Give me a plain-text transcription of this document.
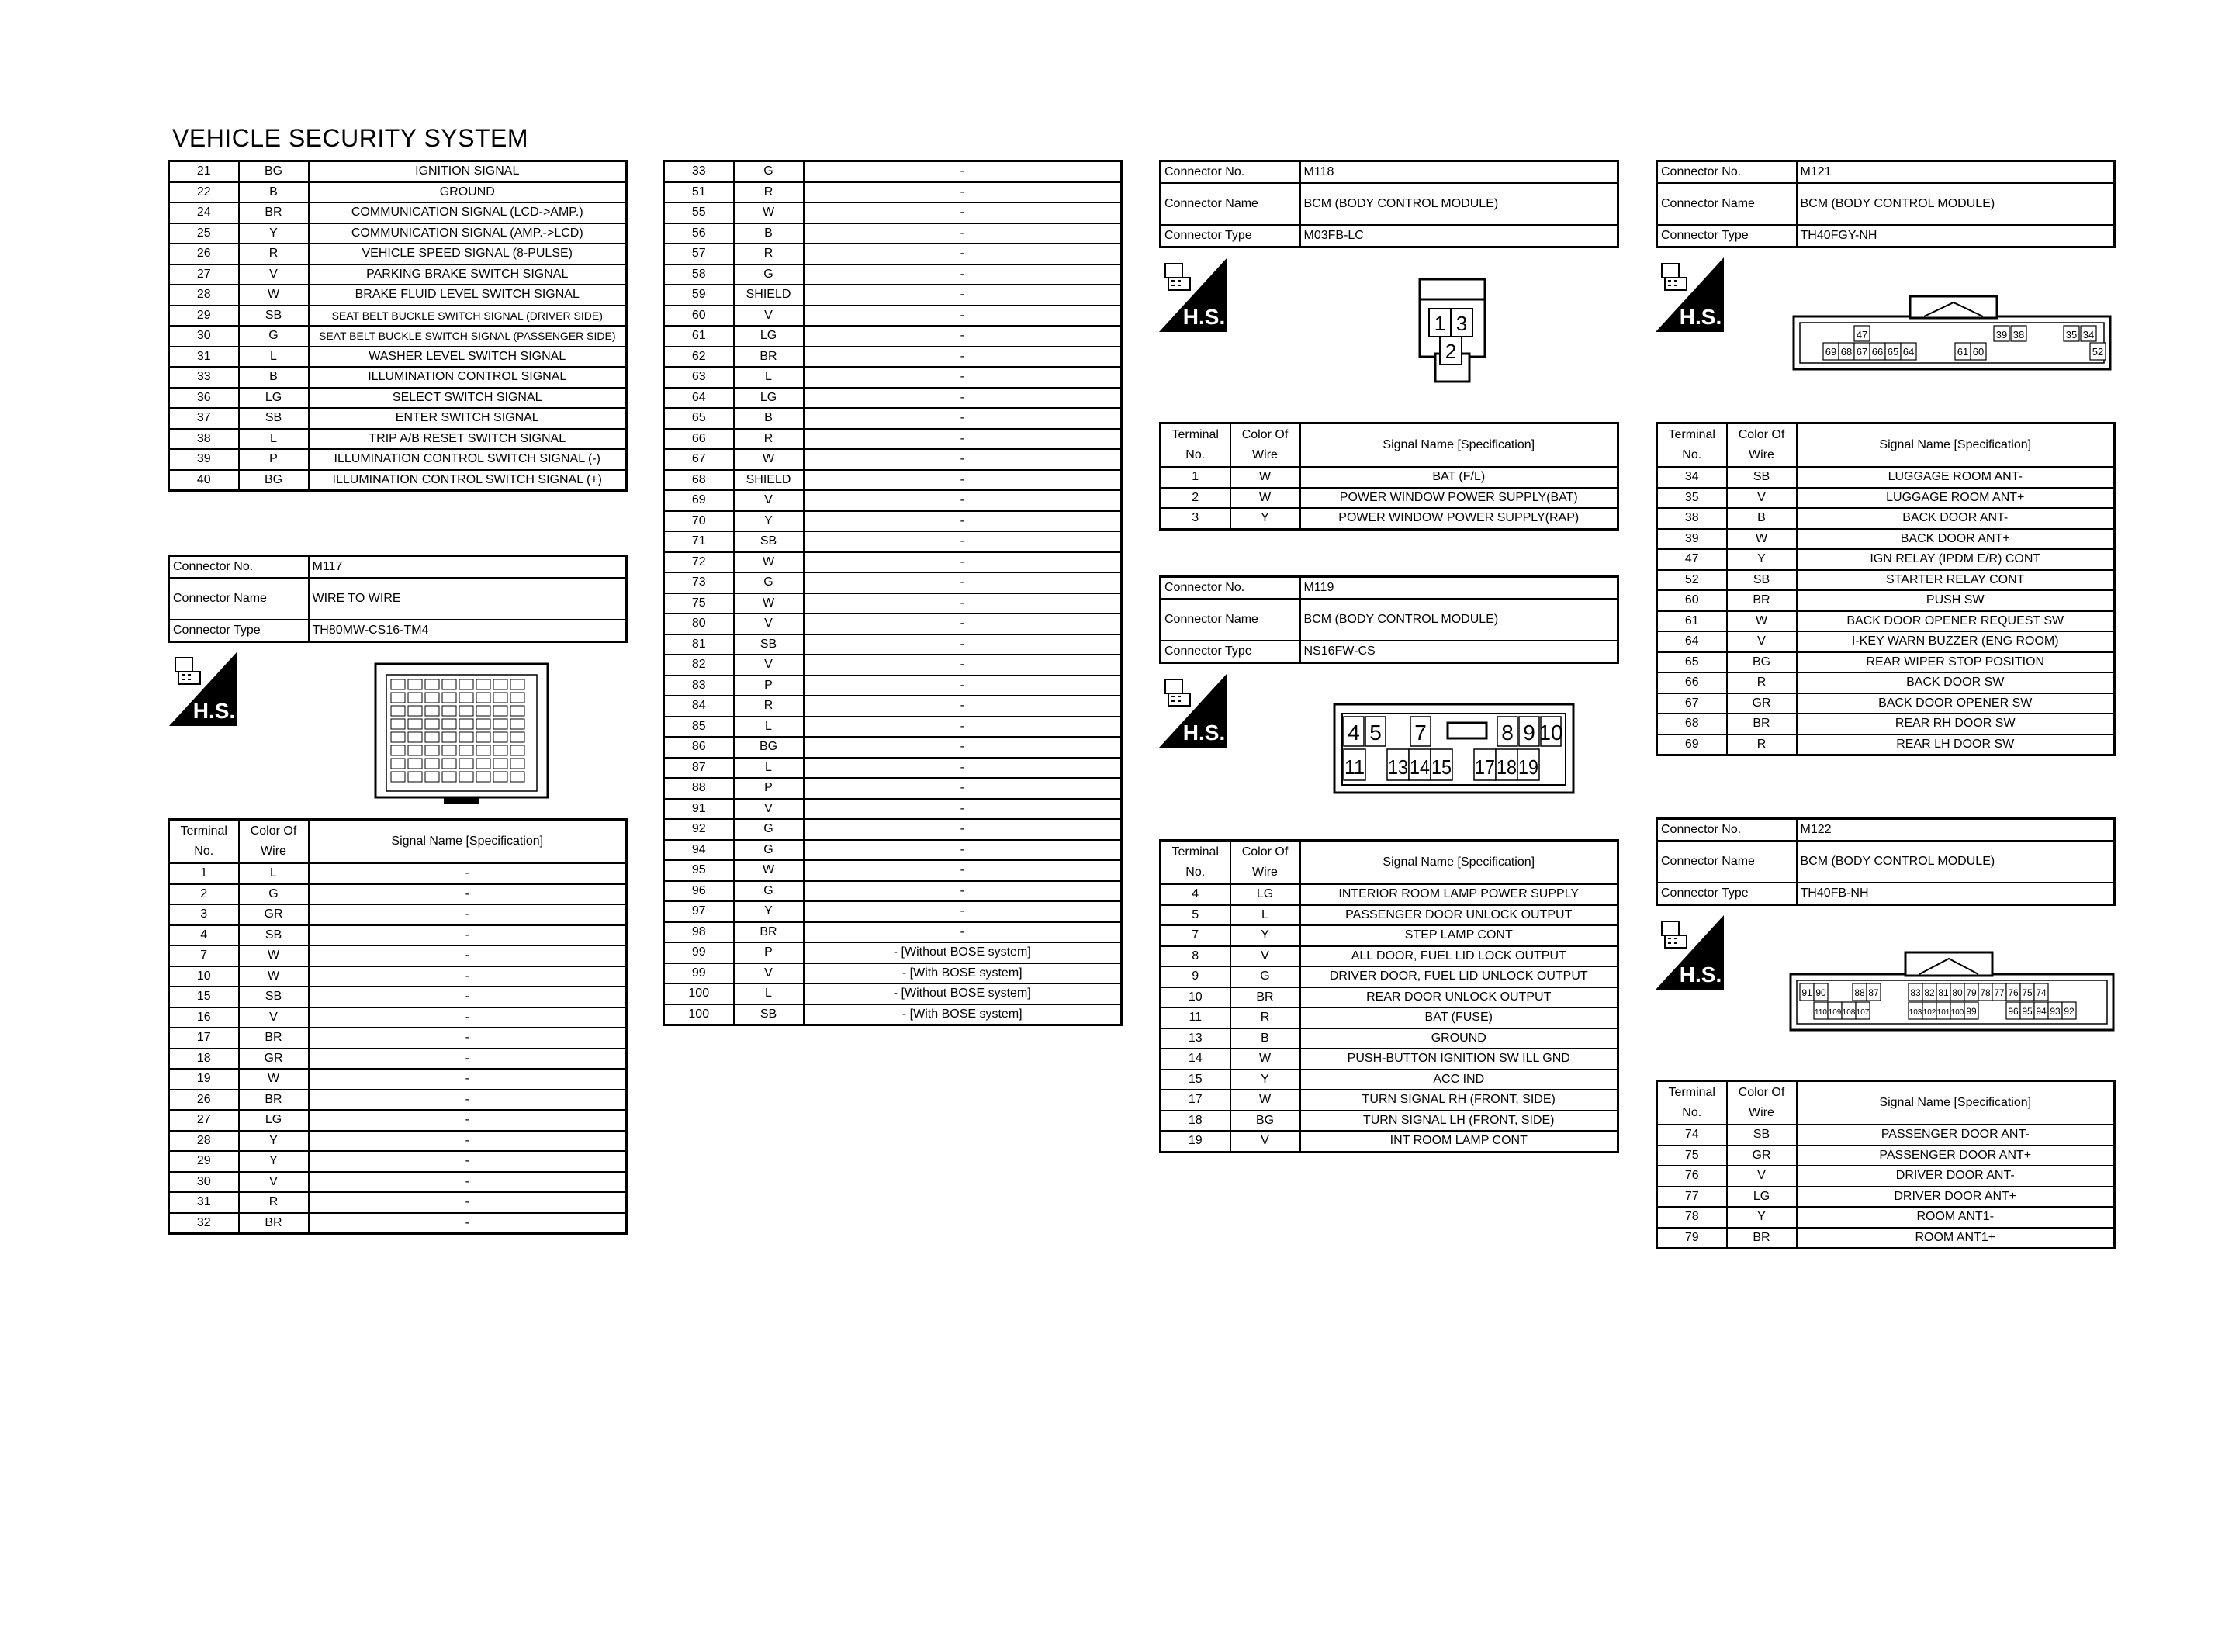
VEHICLE SECURITY SYSTEM
21	BG	IGNITION SIGNAL
22	B	GROUND
24	BR	COMMUNICATION SIGNAL (LCD->AMP.)
25	Y	COMMUNICATION SIGNAL (AMP.->LCD)
26	R	VEHICLE SPEED SIGNAL (8-PULSE)
27	V	PARKING BRAKE SWITCH SIGNAL
28	W	BRAKE FLUID LEVEL SWITCH SIGNAL
29	SB	SEAT BELT BUCKLE SWITCH SIGNAL (DRIVER SIDE)
30	G	SEAT BELT BUCKLE SWITCH SIGNAL (PASSENGER SIDE)
31	L	WASHER LEVEL SWITCH SIGNAL
33	B	ILLUMINATION CONTROL SIGNAL
36	LG	SELECT SWITCH SIGNAL
37	SB	ENTER SWITCH SIGNAL
38	L	TRIP A/B RESET SWITCH SIGNAL
39	P	ILLUMINATION CONTROL SWITCH SIGNAL (-)
40	BG	ILLUMINATION CONTROL SWITCH SIGNAL (+)
Connector No.	M117
Connector Name	WIRE TO WIRE
Connector Type	TH80MW-CS16-TM4
H.S.
Terminal No.	Color Of Wire	Signal Name [Specification]
1	L	-
2	G	-
3	GR	-
4	SB	-
7	W	-
10	W	-
15	SB	-
16	V	-
17	BR	-
18	GR	-
19	W	-
26	BR	-
27	LG	-
28	Y	-
29	Y	-
30	V	-
31	R	-
32	BR	-
33	G	-
51	R	-
55	W	-
56	B	-
57	R	-
58	G	-
59	SHIELD	-
60	V	-
61	LG	-
62	BR	-
63	L	-
64	LG	-
65	B	-
66	R	-
67	W	-
68	SHIELD	-
69	V	-
70	Y	-
71	SB	-
72	W	-
73	G	-
75	W	-
80	V	-
81	SB	-
82	V	-
83	P	-
84	R	-
85	L	-
86	BG	-
87	L	-
88	P	-
91	V	-
92	G	-
94	G	-
95	W	-
96	G	-
97	Y	-
98	BR	-
99	P	- [Without BOSE system]
99	V	- [With BOSE system]
100	L	- [Without BOSE system]
100	SB	- [With BOSE system]
Connector No.	M118
Connector Name	BCM (BODY CONTROL MODULE)
Connector Type	M03FB-LC
H.S.	1 3
2
Terminal No.	Color Of Wire	Signal Name [Specification]
1	W	BAT (F/L)
2	W	POWER WINDOW POWER SUPPLY(BAT)
3	Y	POWER WINDOW POWER SUPPLY(RAP)
Connector No.	M119
Connector Name	BCM (BODY CONTROL MODULE)
Connector Type	NS16FW-CS
H.S.	4 5 7	8 9 10
11 13 14 15 17 18 19
Terminal No.	Color Of Wire	Signal Name [Specification]
4	LG	INTERIOR ROOM LAMP POWER SUPPLY
5	L	PASSENGER DOOR UNLOCK OUTPUT
7	Y	STEP LAMP CONT
8	V	ALL DOOR, FUEL LID LOCK OUTPUT
9	G	DRIVER DOOR, FUEL LID UNLOCK OUTPUT
10	BR	REAR DOOR UNLOCK OUTPUT
11	R	BAT (FUSE)
13	B	GROUND
14	W	PUSH-BUTTON IGNITION SW ILL GND
15	Y	ACC IND
17	W	TURN SIGNAL RH (FRONT, SIDE)
18	BG	TURN SIGNAL LH (FRONT, SIDE)
19	V	INT ROOM LAMP CONT
Connector No.	M121
Connector Name	BCM (BODY CONTROL MODULE)
Connector Type	TH40FGY-NH
H.S.
47	39 38	35 34
69 68 67 66 65 64	61 60	52
Terminal No.	Color Of Wire	Signal Name [Specification]
34	SB	LUGGAGE ROOM ANT-
35	V	LUGGAGE ROOM ANT+
38	B	BACK DOOR ANT-
39	W	BACK DOOR ANT+
47	Y	IGN RELAY (IPDM E/R) CONT
52	SB	STARTER RELAY CONT
60	BR	PUSH SW
61	W	BACK DOOR OPENER REQUEST SW
64	V	I-KEY WARN BUZZER (ENG ROOM)
65	BG	REAR WIPER STOP POSITION
66	R	BACK DOOR SW
67	GR	BACK DOOR OPENER SW
68	BR	REAR RH DOOR SW
69	R	REAR LH DOOR SW
Connector No.	M122
Connector Name	BCM (BODY CONTROL MODULE)
Connector Type	TH40FB-NH
H.S.
91 90	88 87	83 82 81 80 79 78 77 76 75 74
110 109 108 107	103 102 101 100 99	96 95 94 93 92
Terminal No.	Color Of Wire	Signal Name [Specification]
74	SB	PASSENGER DOOR ANT-
75	GR	PASSENGER DOOR ANT+
76	V	DRIVER DOOR ANT-
77	LG	DRIVER DOOR ANT+
78	Y	ROOM ANT1-
79	BR	ROOM ANT1+
